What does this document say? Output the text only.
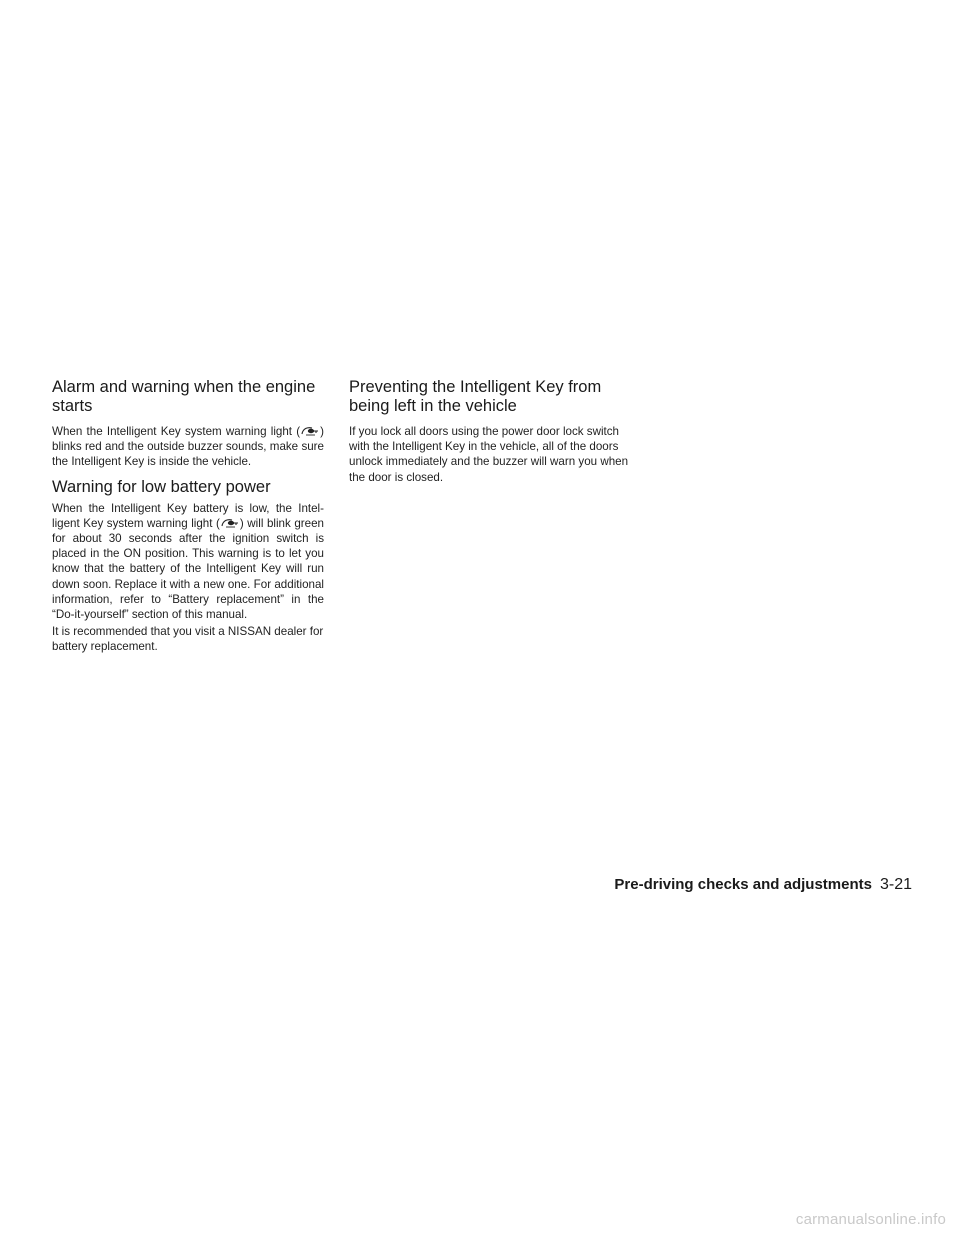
Alarm and warning when the engine starts

When the Intelligent Key system warning light ( ) blinks red and the outside buzzer sounds, make sure the Intelligent Key is inside the vehicle.

Warning for low battery power

When the Intelligent Key battery is low, the Intel- ligent Key system warning light ( ) will blink green for about 30 seconds after the ignition switch is placed in the ON position. This warning is to let you know that the battery of the Intelligent Key will run down soon. Replace it with a new one. For additional information, refer to “Battery replacement” in the “Do-it-yourself” section of this manual.

It is recommended that you visit a NISSAN dealer for battery replacement.

Preventing the Intelligent Key from being left in the vehicle

If you lock all doors using the power door lock switch with the Intelligent Key in the vehicle, all of the doors unlock immediately and the buzzer will warn you when the door is closed.

Pre-driving checks and adjustments 3-21
carmanualsonline.info
